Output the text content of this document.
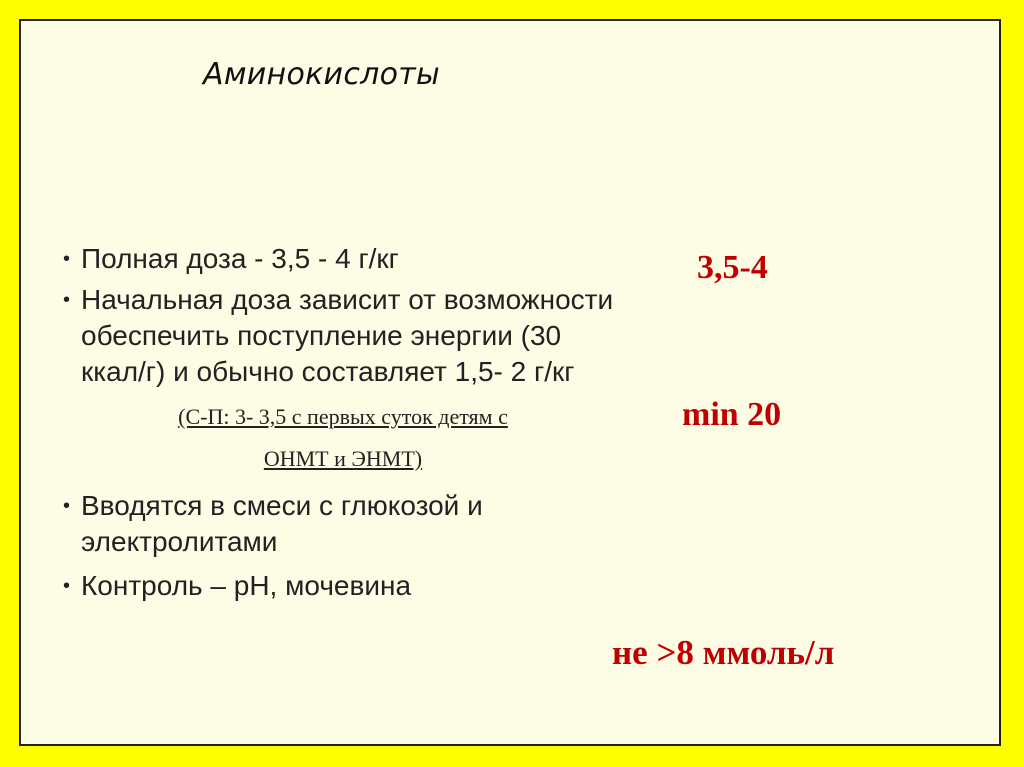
Аминокислоты
• Полная доза - 3,5 - 4 г/кг
• Начальная доза зависит от возможности обеспечить поступление энергии (30 ккал/г) и обычно составляет 1,5- 2 г/кг
(С-П: 3- 3,5 с первых суток детям с
ОНМТ и ЭНМТ)
• Вводятся в смеси с глюкозой и электролитами
• Контроль – pH, мочевина
3,5-4
min 20
не >8 ммоль/л
